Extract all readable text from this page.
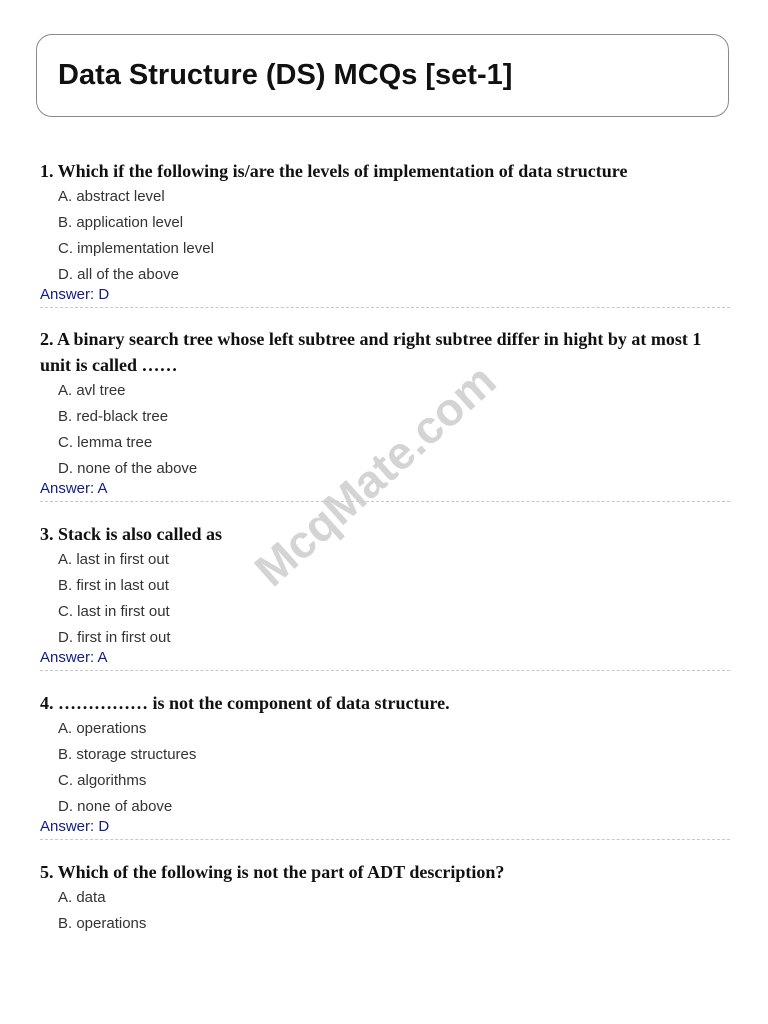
Data Structure (DS) MCQs [set-1]
McqMate.com

1. Which if the following is/are the levels of implementation of data structure

A. abstract level
B. application level
C. implementation level
D. all of the above
Answer: D

2. A binary search tree whose left subtree and right subtree differ in hight by at most 1 unit is called ……

A. avl tree
B. red-black tree
C. lemma tree
D. none of the above
Answer: A

3. Stack is also called as

A. last in first out
B. first in last out
C. last in first out
D. first in first out
Answer: A

4. …………… is not the component of data structure.

A. operations
B. storage structures
C. algorithms
D. none of above
Answer: D

5. Which of the following is not the part of ADT description?

A. data
B. operations
